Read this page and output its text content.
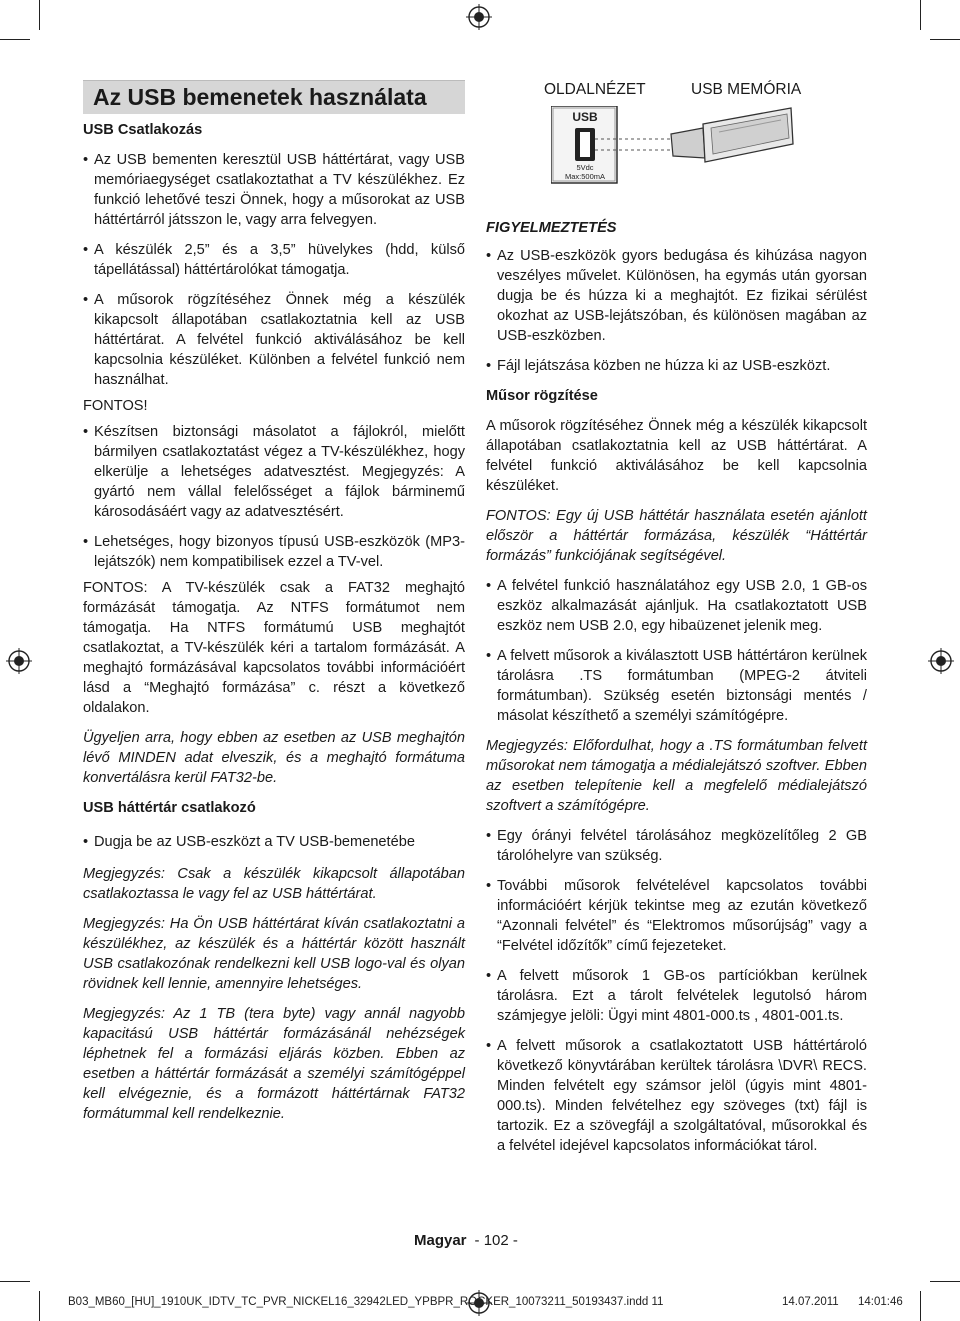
Az USB bemenetek használata
USB Csatlakozás
• Az USB bementen keresztül USB háttértárat, vagy USB memóriaegységet csatlakoztathat a TV készülékhez. Ez funkció lehetővé teszi Önnek, hogy a műsorokat az USB háttértárról játsszon le, vagy arra felvegyen.
• A készülék 2,5” és a 3,5” hüvelykes (hdd, külső tápellátással) háttértárolókat támogatja.
• A műsorok rögzítéséhez Önnek még a készülék kikapcsolt állapotában csatlakoztatnia kell az USB háttértárat. A felvétel funkció aktiválásához be kell kapcsolnia készüléket. Különben a felvétel funkció nem használhat.

FONTOS!

• Készítsen biztonsági másolatot a fájlokról, mielőtt bármilyen csatlakoztatást végez a TV-készülékhez, hogy elkerülje a lehetséges adatvesztést. Megjegyzés: A gyártó nem vállal felelősséget a fájlok bárminemű károsodásáért vagy az adatvesztésért.
• Lehetséges, hogy bizonyos típusú USB-eszközök (MP3-lejátszók) nem kompatibilisek ezzel a TV-vel.

FONTOS: A TV-készülék csak a FAT32 meghajtó formázását támogatja. Az NTFS formátumot nem támogatja. Ha NTFS formátumú USB meghajtót csatlakoztat, a TV-készülék kéri a tartalom formázását. A meghajtó formázásával kapcsolatos további információért lásd a “Meghajtó formázása” c. részt a következő oldalakon.

Ügyeljen arra, hogy ebben az esetben az USB meghajtón lévő MINDEN adat elveszik, és a meghajtó formátuma konvertálásra kerül FAT32-be.

USB háttértár csatlakozó
• Dugja be az USB-eszközt a TV USB-bemenetébe

Megjegyzés: Csak a készülék kikapcsolt állapotában csatlakoztassa le vagy fel az USB háttértárat.

Megjegyzés: Ha Ön USB háttértárat kíván csatlakoztatni a készülékhez, az készülék és a háttértár között használt USB csatlakozónak rendelkezni kell USB logo-val és olyan rövidnek kell lennie, amennyire lehetséges.

Megjegyzés: Az 1 TB (tera byte) vagy annál nagyobb kapacitású USB háttértár formázásánál nehézségek léphetnek fel a formázási eljárás közben. Ebben az esetben a háttértár formázását a személyi számítógéppel kell elvégeznie, és a formázott háttértárnak FAT32 formátummal kell rendelkeznie.

OLDALNÉZET	USB MEMÓRIA
USB
5Vdc
Max:500mA
FIGYELMEZTETÉS
• Az USB-eszközök gyors bedugása és kihúzása nagyon veszélyes művelet. Különösen, ha egymás után gyorsan dugja be és húzza ki a meghajtót. Ez fizikai sérülést okozhat az USB-lejátszóban, és különösen magában az USB-eszközben.
• Fájl lejátszása közben ne húzza ki az USB-eszközt.
Műsor rögzítése

A műsorok rögzítéséhez Önnek még a készülék kikapcsolt állapotában csatlakoztatnia kell az USB háttértárat. A felvétel funkció aktiválásához be kell kapcsolnia készüléket.

FONTOS: Egy új USB háttétár használata esetén ajánlott először a háttértár formázása, készülék “Háttértár formázás” funkciójának segítségével.

• A felvétel funkció használatához egy USB 2.0, 1 GB-os eszköz alkalmazását ajánljuk. Ha csatlakoztatott USB eszköz nem USB 2.0, egy hibaüzenet jelenik meg.
• A felvett műsorok a kiválasztott USB háttértáron kerülnek tárolásra .TS formátumban (MPEG-2 átviteli formátumban). Szükség esetén biztonsági mentés / másolat készíthető a személyi számítógépre.

Megjegyzés: Előfordulhat, hogy a .TS formátumban felvett műsorokat nem támogatja a médialejátszó szoftver. Ebben az esetben telepítenie kell a megfelelő médialejátszó szoftvert a számítógépre.

• Egy órányi felvétel tárolásához megközelítőleg 2 GB tárolóhelyre van szükség.
• További műsorok felvételével kapcsolatos további információért kérjük tekintse meg az ezután következő “Azonnali felvétel” és “Elektromos műsorújság” vagy a “Felvétel időzítők” című fejezeteket.
• A felvett műsorok 1 GB-os partíciókban kerülnek tárolásra. Ezt a tárolt felvételek legutolsó három számjegye jelöli: Ügyi mint 4801-000.ts , 4801-001.ts.
• A felvett műsorok a csatlakoztatott USB háttértároló következő könyvtárában kerültek tárolásra \DVR\ RECS. Minden felvételt egy számsor jelöl (úgyis mint 4801-000.ts). Minden felvételhez egy szöveges (txt) fájl is tartozik. Ez a szövegfájl a szolgáltatóval, műsorokkal és a felvétel idejével kapcsolatos információkat tárol.
Magyar - 102 -
B03_MB60_[HU]_1910UK_IDTV_TC_PVR_NICKEL16_32942LED_YPBPR_ROCKER_10073211_50193437.indd 11	14.07.2011 14:01:46
